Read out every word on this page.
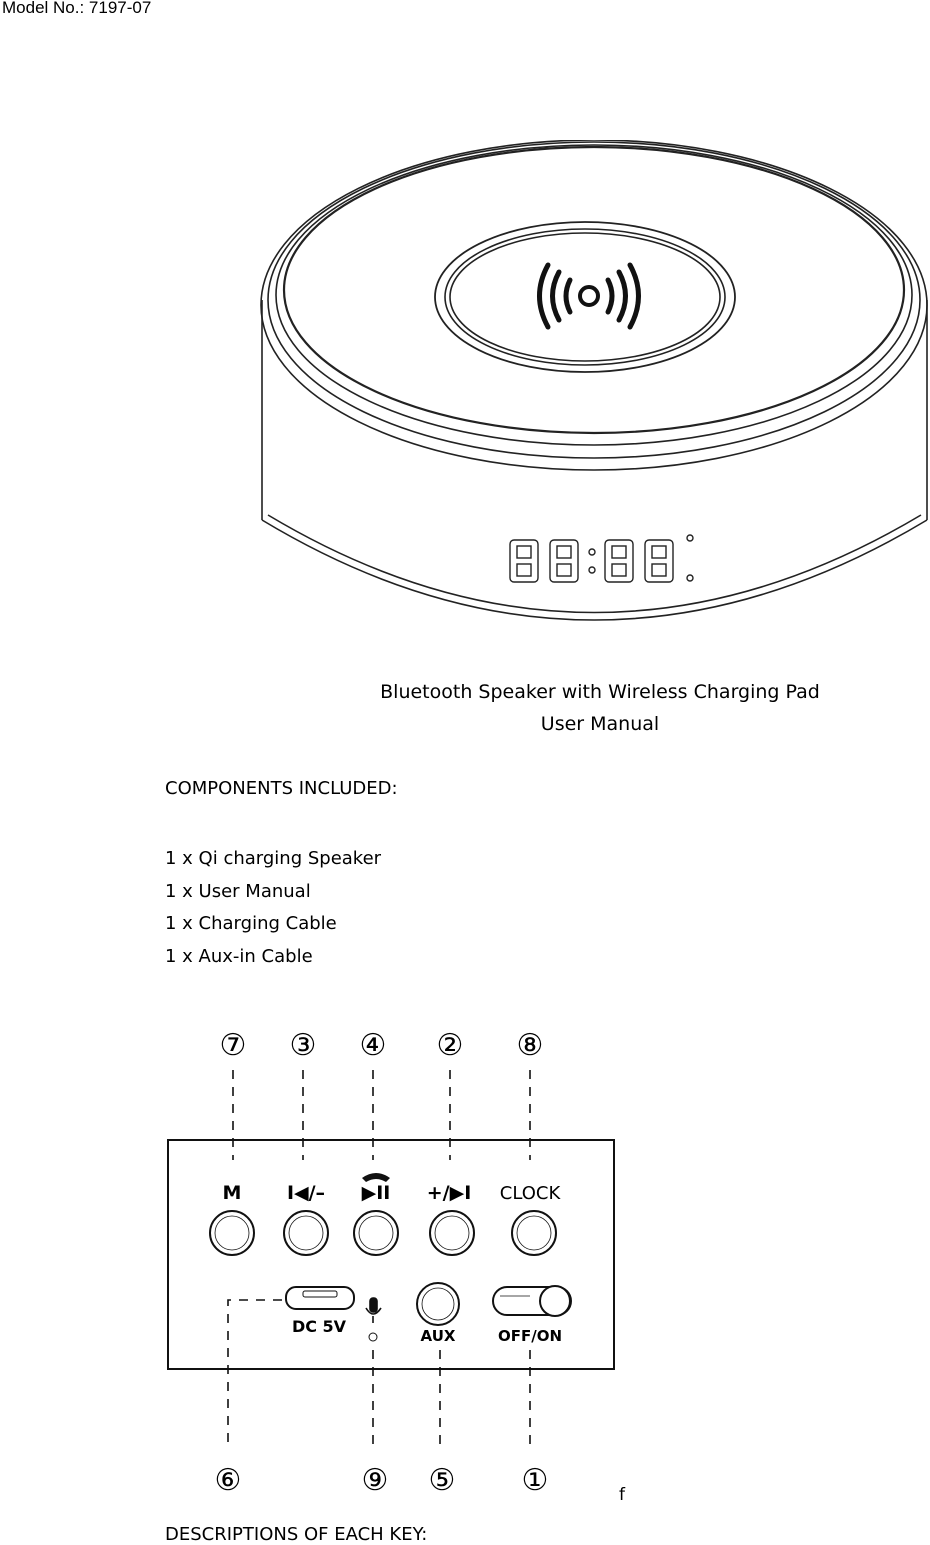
Model No.: 7197-07
Bluetooth Speaker with Wireless Charging Pad
User Manual
COMPONENTS INCLUDED:
1 x Qi charging Speaker
1 x User Manual
1 x Charging Cable
1 x Aux-in Cable
⑦ ③ ④ ② ⑧
M I◀/– ▶II +/▶I CLOCK
DC 5V	AUX	OFF/ON
⑥	⑨ ⑤ ①	f
DESCRIPTIONS OF EACH KEY:
